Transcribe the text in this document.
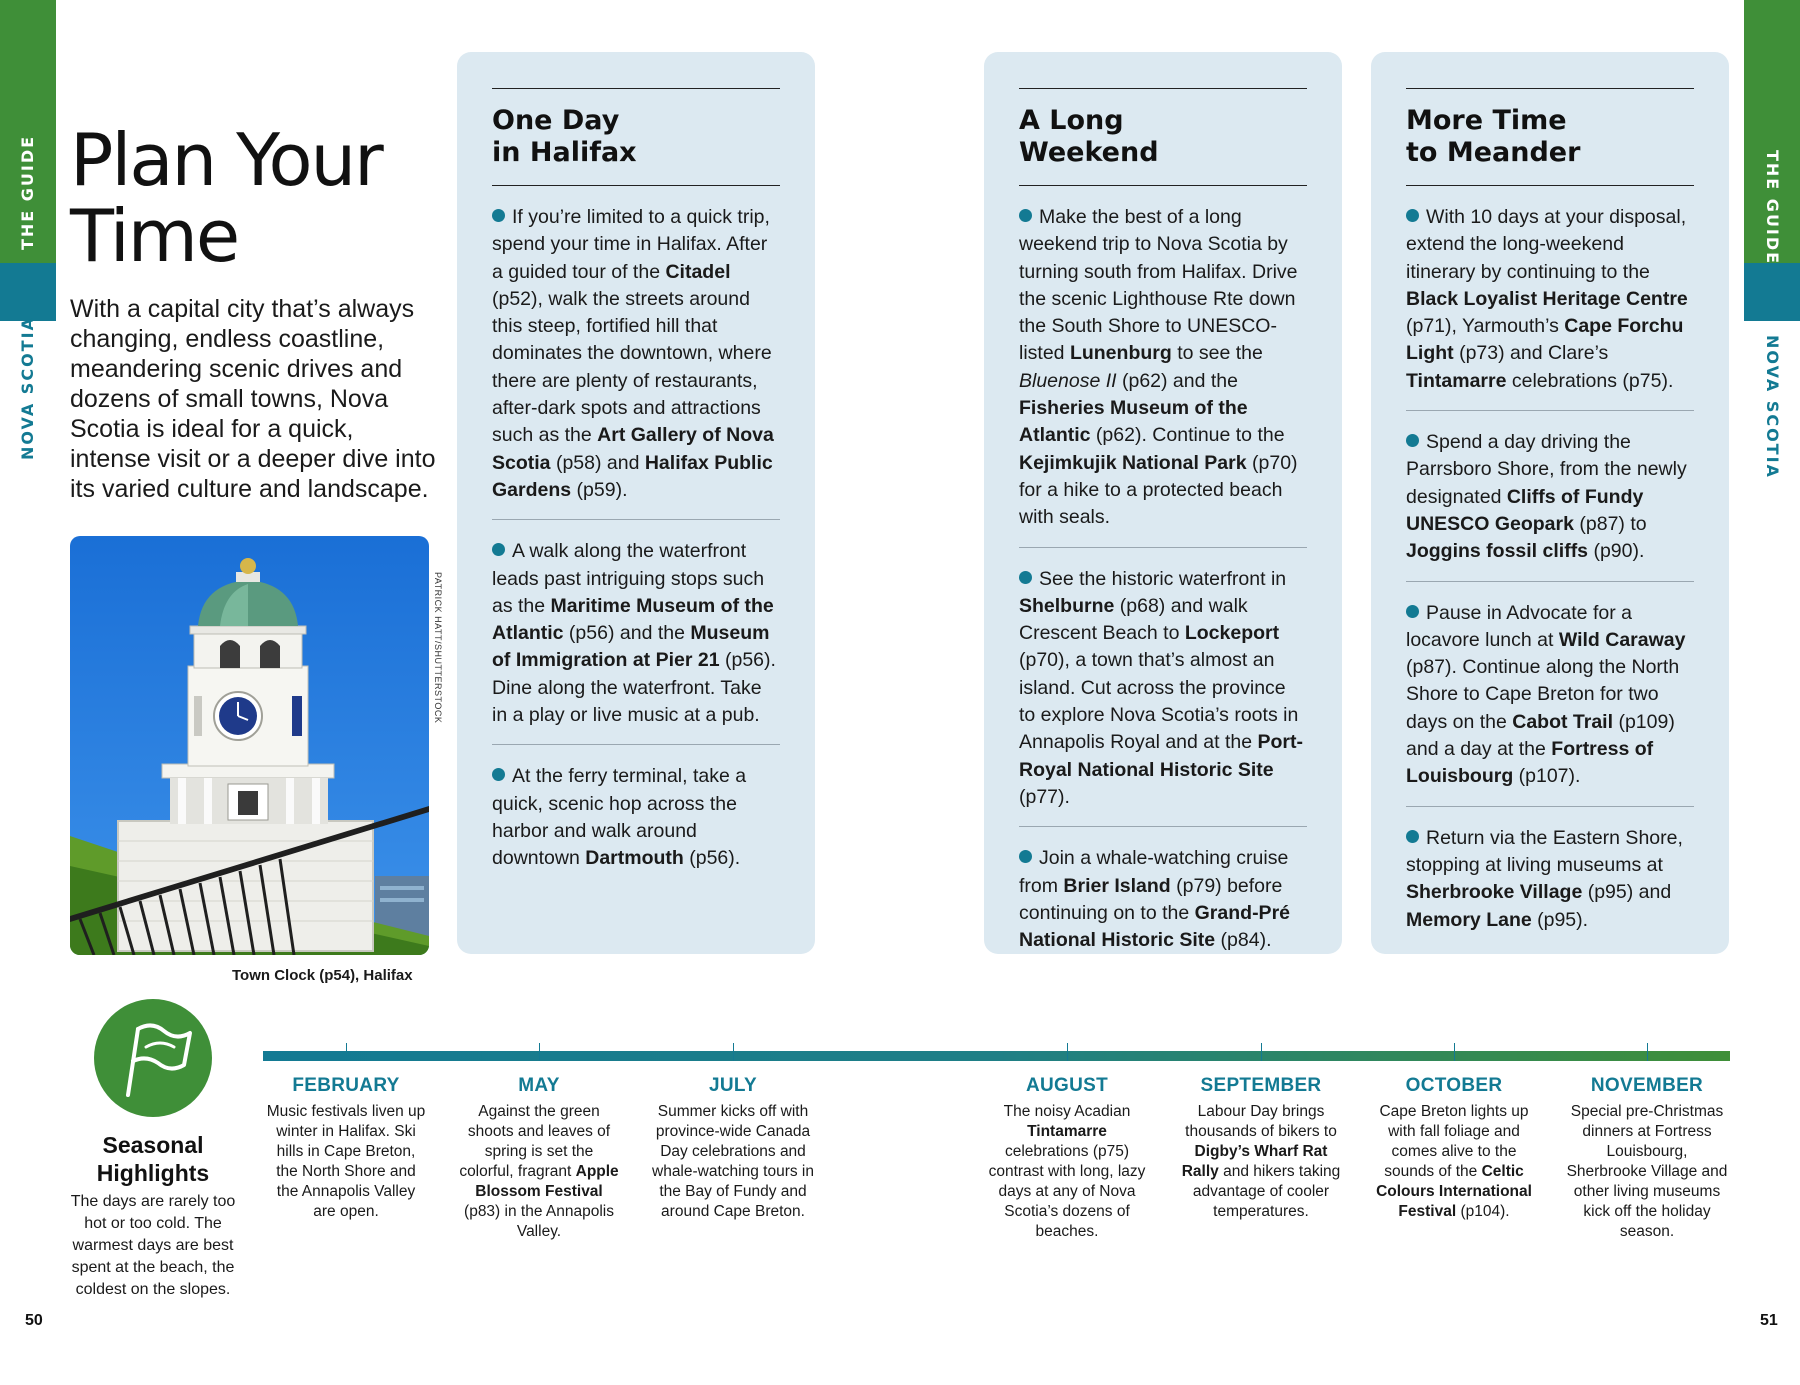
THE GUIDE
NOVA SCOTIA
THE GUIDE
NOVA SCOTIA
Plan Your
Time
With a capital city that’s always changing, endless coastline, meandering scenic drives and dozens of small towns, Nova Scotia is ideal for a quick, intense visit or a deeper dive into its varied culture and landscape.
PATRICK HATT/SHUTTERSTOCK
Town Clock (p54), Halifax
One Day
in Halifax
If you’re limited to a quick trip, spend your time in Halifax. After a guided tour of the Citadel (p52), walk the streets around this steep, fortified hill that dominates the downtown, where there are plenty of restaurants, after-dark spots and attractions such as the Art Gallery of Nova Scotia (p58) and Halifax Public Gardens (p59).
A walk along the waterfront leads past intriguing stops such as the Maritime Museum of the Atlantic (p56) and the Museum of Immigration at Pier 21 (p56). Dine along the waterfront. Take in a play or live music at a pub.
At the ferry terminal, take a quick, scenic hop across the harbor and walk around downtown Dartmouth (p56).
A Long
Weekend
Make the best of a long weekend trip to Nova Scotia by turning south from Halifax. Drive the scenic Lighthouse Rte down the South Shore to UNESCO-listed Lunenburg to see the Bluenose II (p62) and the Fisheries Museum of the Atlantic (p62). Continue to the Kejimkujik National Park (p70) for a hike to a protected beach with seals.
See the historic waterfront in Shelburne (p68) and walk Crescent Beach to Lockeport (p70), a town that’s almost an island. Cut across the province to explore Nova Scotia’s roots in Annapolis Royal and at the Port-Royal National Historic Site (p77).
Join a whale-watching cruise from Brier Island (p79) before continuing on to the Grand-Pré National Historic Site (p84).
More Time
to Meander
With 10 days at your disposal, extend the long-weekend itinerary by continuing to the Black Loyalist Heritage Centre (p71), Yarmouth’s Cape Forchu Light (p73) and Clare’s Tintamarre celebrations (p75).
Spend a day driving the Parrsboro Shore, from the newly designated Cliffs of Fundy UNESCO Geopark (p87) to Joggins fossil cliffs (p90).
Pause in Advocate for a locavore lunch at Wild Caraway (p87). Continue along the North Shore to Cape Breton for two days on the Cabot Trail (p109) and a day at the Fortress of Louisbourg (p107).
Return via the Eastern Shore, stopping at living museums at Sherbrooke Village (p95) and Memory Lane (p95).
Seasonal
Highlights
The days are rarely too hot or too cold. The warmest days are best spent at the beach, the coldest on the slopes.
FEBRUARY
Music festivals liven up winter in Halifax. Ski hills in Cape Breton, the North Shore and the Annapolis Valley are open.
MAY
Against the green shoots and leaves of spring is set the colorful, fragrant Apple Blossom Festival (p83) in the Annapolis Valley.
JULY
Summer kicks off with province-wide Canada Day celebrations and whale-watching tours in the Bay of Fundy and around Cape Breton.
AUGUST
The noisy Acadian Tintamarre celebrations (p75) contrast with long, lazy days at any of Nova Scotia’s dozens of beaches.
SEPTEMBER
Labour Day brings thousands of bikers to Digby’s Wharf Rat Rally and hikers taking advantage of cooler temperatures.
OCTOBER
Cape Breton lights up with fall foliage and comes alive to the sounds of the Celtic Colours International Festival (p104).
NOVEMBER
Special pre-Christmas dinners at Fortress Louisbourg, Sherbrooke Village and other living museums kick off the holiday season.
50	51
